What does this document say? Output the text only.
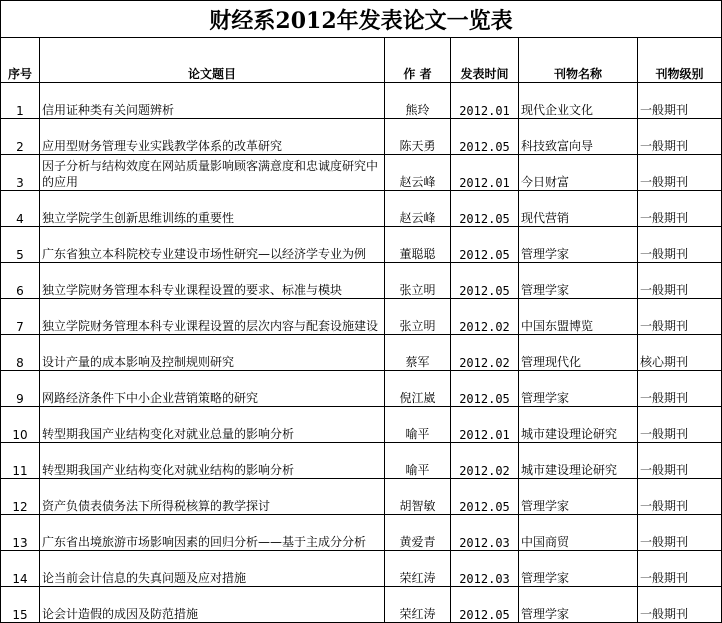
财经系2012年发表论文一览表					
序号	论文题目	作 者	发表时间	刊物名称	刊物级别
1	信用证种类有关问题辨析	熊玲	2012.01	现代企业文化	一般期刊
2	应用型财务管理专业实践教学体系的改革研究	陈天勇	2012.05	科技致富向导	一般期刊
3	因子分析与结构效度在网站质量影响顾客满意度和忠诚度研究中的应用	赵云峰	2012.01	今日财富	一般期刊
4	独立学院学生创新思维训练的重要性	赵云峰	2012.05	现代营销	一般期刊
5	广东省独立本科院校专业建设市场性研究—以经济学专业为例	董聪聪	2012.05	管理学家	一般期刊
6	独立学院财务管理本科专业课程设置的要求、标准与模块	张立明	2012.05	管理学家	一般期刊
7	独立学院财务管理本科专业课程设置的层次内容与配套设施建设	张立明	2012.02	中国东盟博览	一般期刊
8	设计产量的成本影响及控制规则研究	蔡军	2012.02	管理现代化	核心期刊
9	网路经济条件下中小企业营销策略的研究	倪江崴	2012.05	管理学家	一般期刊
10	转型期我国产业结构变化对就业总量的影响分析	喻平	2012.01	城市建设理论研究	一般期刊
11	转型期我国产业结构变化对就业结构的影响分析	喻平	2012.02	城市建设理论研究	一般期刊
12	资产负债表债务法下所得税核算的教学探讨	胡智敏	2012.05	管理学家	一般期刊
13	广东省出境旅游市场影响因素的回归分析——基于主成分分析	黄爱青	2012.03	中国商贸	一般期刊
14	论当前会计信息的失真问题及应对措施	荣红涛	2012.03	管理学家	一般期刊
15	论会计造假的成因及防范措施	荣红涛	2012.05	管理学家	一般期刊
